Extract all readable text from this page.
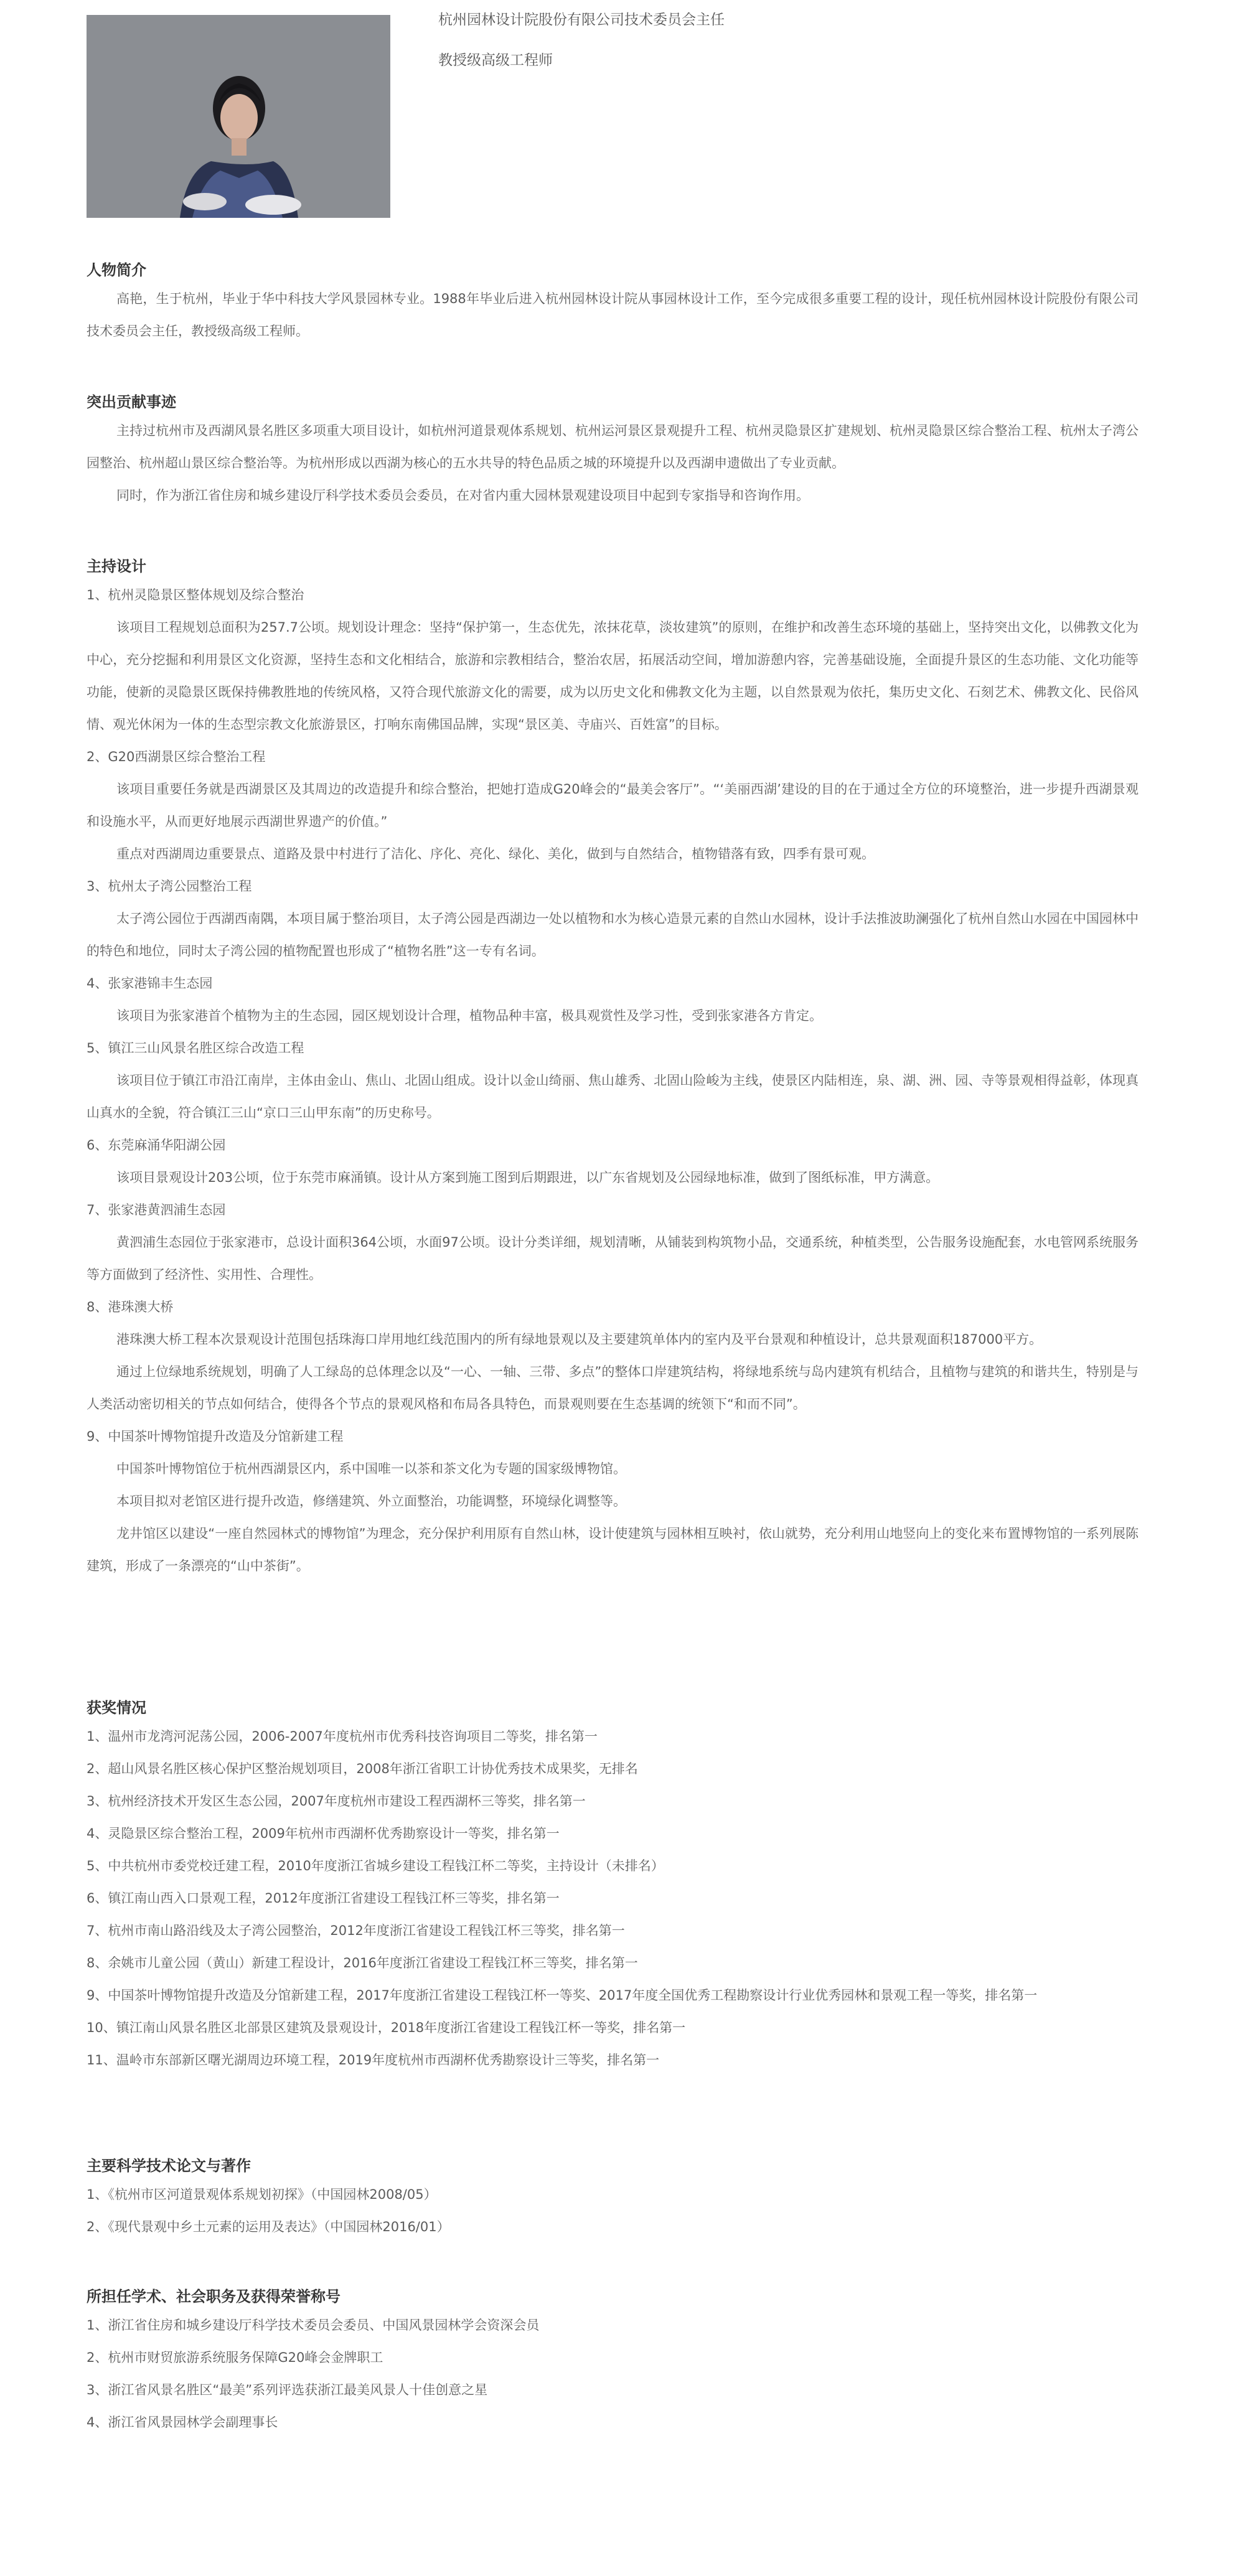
杭州园林设计院股份有限公司技术委员会主任

教授级高级工程师

人物简介

高艳，生于杭州，毕业于华中科技大学风景园林专业。1988年毕业后进入杭州园林设计院从事园林设计工作，至今完成很多重要工程的设计，现任杭州园林设计院股份有限公司技术委员会主任，教授级高级工程师。

突出贡献事迹

主持过杭州市及西湖风景名胜区多项重大项目设计，如杭州河道景观体系规划、杭州运河景区景观提升工程、杭州灵隐景区扩建规划、杭州灵隐景区综合整治工程、杭州太子湾公园整治、杭州超山景区综合整治等。为杭州形成以西湖为核心的五水共导的特色品质之城的环境提升以及西湖申遗做出了专业贡献。

同时，作为浙江省住房和城乡建设厅科学技术委员会委员，在对省内重大园林景观建设项目中起到专家指导和咨询作用。

主持设计

1、杭州灵隐景区整体规划及综合整治

该项目工程规划总面积为257.7公顷。规划设计理念：坚持“保护第一，生态优先，浓抹花草，淡妆建筑”的原则，在维护和改善生态环境的基础上，坚持突出文化，以佛教文化为中心，充分挖掘和利用景区文化资源，坚持生态和文化相结合，旅游和宗教相结合，整治农居，拓展活动空间，增加游憩内容，完善基础设施，全面提升景区的生态功能、文化功能等功能，使新的灵隐景区既保持佛教胜地的传统风格，又符合现代旅游文化的需要，成为以历史文化和佛教文化为主题，以自然景观为依托，集历史文化、石刻艺术、佛教文化、民俗风情、观光休闲为一体的生态型宗教文化旅游景区，打响东南佛国品牌，实现“景区美、寺庙兴、百姓富”的目标。

2、G20西湖景区综合整治工程

该项目重要任务就是西湖景区及其周边的改造提升和综合整治，把她打造成G20峰会的“最美会客厅”。“‘美丽西湖’建设的目的在于通过全方位的环境整治，进一步提升西湖景观和设施水平，从而更好地展示西湖世界遗产的价值。”

重点对西湖周边重要景点、道路及景中村进行了洁化、序化、亮化、绿化、美化，做到与自然结合，植物错落有致，四季有景可观。

3、杭州太子湾公园整治工程

太子湾公园位于西湖西南隅，本项目属于整治项目，太子湾公园是西湖边一处以植物和水为核心造景元素的自然山水园林，设计手法推波助澜强化了杭州自然山水园在中国园林中的特色和地位，同时太子湾公园的植物配置也形成了“植物名胜”这一专有名词。

4、张家港锦丰生态园

该项目为张家港首个植物为主的生态园，园区规划设计合理，植物品种丰富，极具观赏性及学习性，受到张家港各方肯定。

5、镇江三山风景名胜区综合改造工程

该项目位于镇江市沿江南岸，主体由金山、焦山、北固山组成。设计以金山绮丽、焦山雄秀、北固山险峻为主线，使景区内陆相连，泉、湖、洲、园、寺等景观相得益彰，体现真山真水的全貌，符合镇江三山“京口三山甲东南”的历史称号。

6、东莞麻涌华阳湖公园

该项目景观设计203公顷，位于东莞市麻涌镇。设计从方案到施工图到后期跟进，以广东省规划及公园绿地标准，做到了图纸标准，甲方满意。

7、张家港黄泗浦生态园

黄泗浦生态园位于张家港市，总设计面积364公顷，水面97公顷。设计分类详细，规划清晰，从铺装到构筑物小品，交通系统，种植类型，公告服务设施配套，水电管网系统服务等方面做到了经济性、实用性、合理性。

8、港珠澳大桥

港珠澳大桥工程本次景观设计范围包括珠海口岸用地红线范围内的所有绿地景观以及主要建筑单体内的室内及平台景观和种植设计，总共景观面积187000平方。

通过上位绿地系统规划，明确了人工绿岛的总体理念以及“一心、一轴、三带、多点”的整体口岸建筑结构，将绿地系统与岛内建筑有机结合，且植物与建筑的和谐共生，特别是与人类活动密切相关的节点如何结合，使得各个节点的景观风格和布局各具特色，而景观则要在生态基调的统领下“和而不同”。

9、中国茶叶博物馆提升改造及分馆新建工程

中国茶叶博物馆位于杭州西湖景区内，系中国唯一以茶和茶文化为专题的国家级博物馆。

本项目拟对老馆区进行提升改造，修缮建筑、外立面整治，功能调整，环境绿化调整等。

龙井馆区以建设“一座自然园林式的博物馆”为理念，充分保护利用原有自然山林，设计使建筑与园林相互映衬，依山就势，充分利用山地竖向上的变化来布置博物馆的一系列展陈建筑，形成了一条漂亮的“山中茶街”。

获奖情况

1、温州市龙湾河泥荡公园，2006-2007年度杭州市优秀科技咨询项目二等奖，排名第一

2、超山风景名胜区核心保护区整治规划项目，2008年浙江省职工计协优秀技术成果奖，无排名

3、杭州经济技术开发区生态公园，2007年度杭州市建设工程西湖杯三等奖，排名第一

4、灵隐景区综合整治工程，2009年杭州市西湖杯优秀勘察设计一等奖，排名第一

5、中共杭州市委党校迁建工程，2010年度浙江省城乡建设工程钱江杯二等奖，主持设计（未排名）

6、镇江南山西入口景观工程，2012年度浙江省建设工程钱江杯三等奖，排名第一

7、杭州市南山路沿线及太子湾公园整治，2012年度浙江省建设工程钱江杯三等奖，排名第一

8、余姚市儿童公园（黄山）新建工程设计，2016年度浙江省建设工程钱江杯三等奖，排名第一

9、中国茶叶博物馆提升改造及分馆新建工程，2017年度浙江省建设工程钱江杯一等奖、2017年度全国优秀工程勘察设计行业优秀园林和景观工程一等奖，排名第一

10、镇江南山风景名胜区北部景区建筑及景观设计，2018年度浙江省建设工程钱江杯一等奖，排名第一

11、温岭市东部新区曙光湖周边环境工程，2019年度杭州市西湖杯优秀勘察设计三等奖，排名第一

主要科学技术论文与著作

1、《杭州市区河道景观体系规划初探》（中国园林2008/05）

2、《现代景观中乡土元素的运用及表达》（中国园林2016/01）

所担任学术、社会职务及获得荣誉称号

1、浙江省住房和城乡建设厅科学技术委员会委员、中国风景园林学会资深会员

2、杭州市财贸旅游系统服务保障G20峰会金牌职工

3、浙江省风景名胜区“最美”系列评选获浙江最美风景人十佳创意之星

4、浙江省风景园林学会副理事长
